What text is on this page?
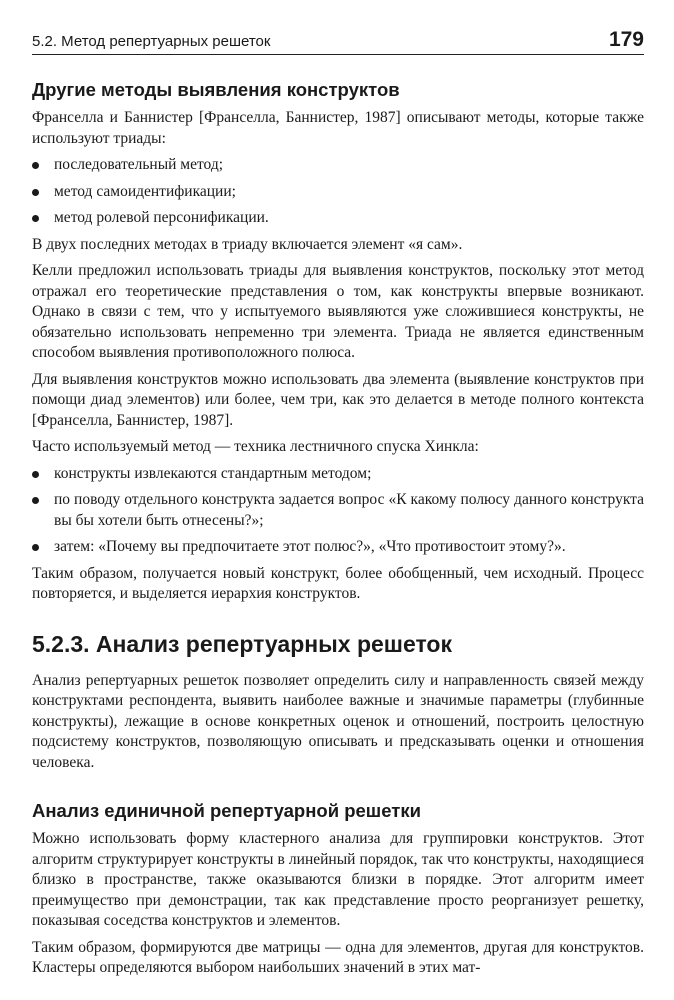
5.2. Метод репертуарных решеток	179
Другие методы выявления конструктов

Франселла и Баннистер [Франселла, Баннистер, 1987] описывают методы, которые также используют триады:

последовательный метод;
метод самоидентификации;
метод ролевой персонификации.

В двух последних методах в триаду включается элемент «я сам».

Келли предложил использовать триады для выявления конструктов, поскольку этот метод отражал его теоретические представления о том, как конструкты впервые возникают. Однако в связи с тем, что у испытуемого выявляются уже сложившиеся конструкты, не обязательно использовать непременно три элемента. Триада не является единственным способом выявления противоположного полюса.

Для выявления конструктов можно использовать два элемента (выявление конструктов при помощи диад элементов) или более, чем три, как это делается в методе полного контекста [Франселла, Баннистер, 1987].

Часто используемый метод — техника лестничного спуска Хинкла:

конструкты извлекаются стандартным методом;
по поводу отдельного конструкта задается вопрос «К какому полюсу данного конструкта вы бы хотели быть отнесены?»;
затем: «Почему вы предпочитаете этот полюс?», «Что противостоит этому?».

Таким образом, получается новый конструкт, более обобщенный, чем исходный. Процесс повторяется, и выделяется иерархия конструктов.

5.2.3. Анализ репертуарных решеток

Анализ репертуарных решеток позволяет определить силу и направленность связей между конструктами респондента, выявить наиболее важные и значимые параметры (глубинные конструкты), лежащие в основе конкретных оценок и отношений, построить целостную подсистему конструктов, позволяющую описывать и предсказывать оценки и отношения человека.

Анализ единичной репертуарной решетки

Можно использовать форму кластерного анализа для группировки конструктов. Этот алгоритм структурирует конструкты в линейный порядок, так что конструкты, находящиеся близко в пространстве, также оказываются близки в порядке. Этот алгоритм имеет преимущество при демонстрации, так как представление просто реорганизует решетку, показывая соседства конструктов и элементов.

Таким образом, формируются две матрицы — одна для элементов, другая для конструктов. Кластеры определяются выбором наибольших значений в этих мат-
